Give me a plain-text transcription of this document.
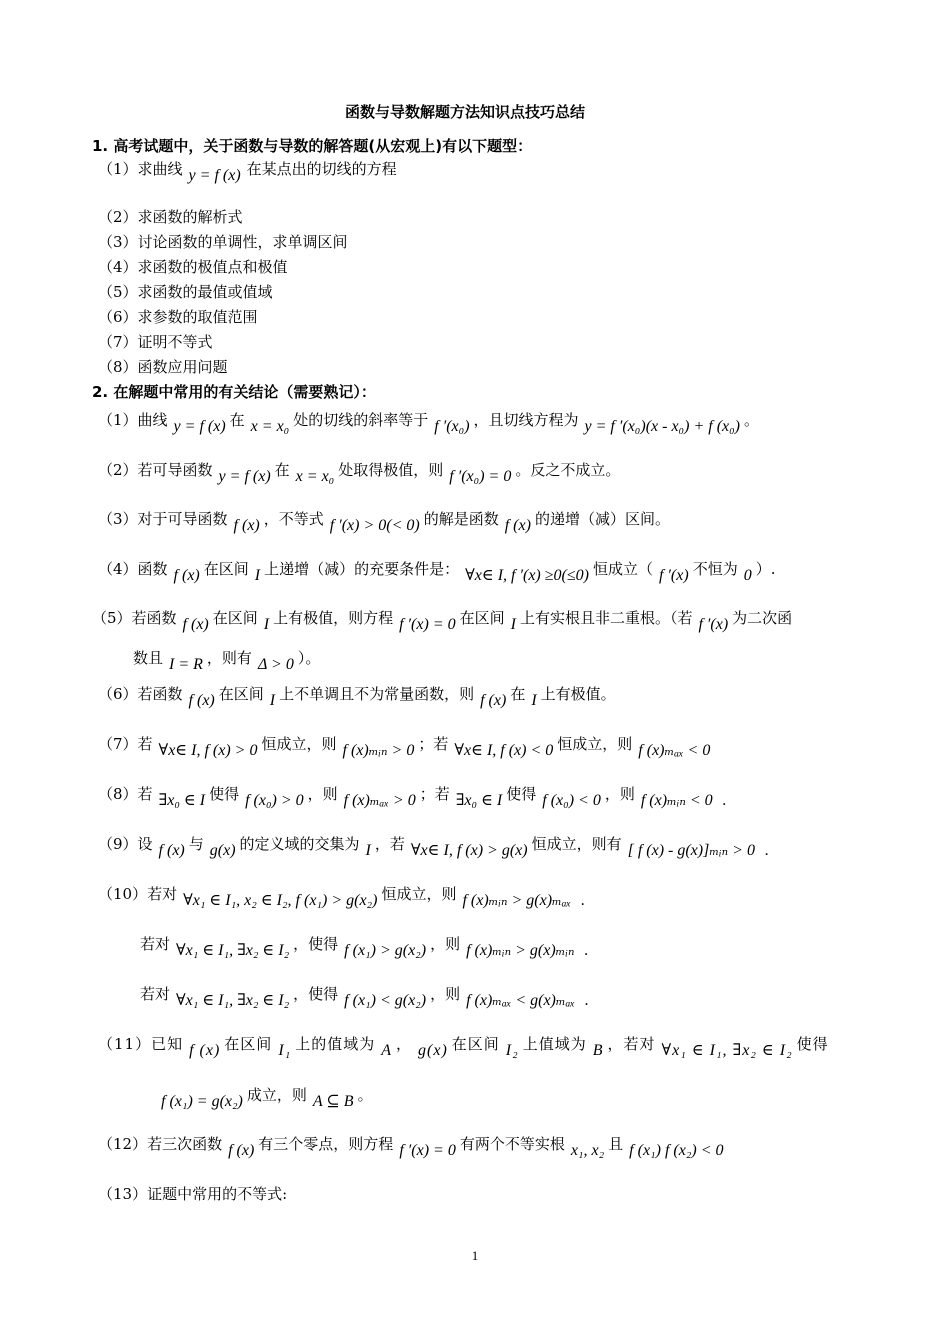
函数与导数解题方法知识点技巧总结
1. 高考试题中，关于函数与导数的解答题(从宏观上)有以下题型：
（1）求曲线 y = f (x) 在某点出的切线的方程
（2）求函数的解析式
（3）讨论函数的单调性，求单调区间
（4）求函数的极值点和极值
（5）求函数的最值或值域
（6）求参数的取值范围
（7）证明不等式
（8）函数应用问题
2. 在解题中常用的有关结论（需要熟记）：
（1）曲线 y = f (x) 在 x = x₀ 处的切线的斜率等于 f ′(x₀) ，且切线方程为 y = f ′(x₀)(x - x₀) + f (x₀) 。
（2）若可导函数 y = f (x) 在 x = x₀ 处取得极值，则 f ′(x₀) = 0 。反之不成立。
（3）对于可导函数 f (x) ，不等式 f ′(x) > 0(< 0) 的解是函数 f (x) 的递增（减）区间。
（4）函数 f (x) 在区间 I 上递增（减）的充要条件是： ∀x∈ I, f ′(x) ≥0(≤0) 恒成立（ f ′(x) 不恒为 0 ）.
（5）若函数 f (x) 在区间 I 上有极值，则方程 f ′(x) = 0 在区间 I 上有实根且非二重根。（若 f ′(x) 为二次函
数且 I = R ，则有 Δ > 0 ）。
（6）若函数 f (x) 在区间 I 上不单调且不为常量函数，则 f (x) 在 I 上有极值。
（7）若 ∀x∈ I, f (x) > 0 恒成立，则 f (x)ₘᵢₙ > 0 ；若 ∀x∈ I, f (x) < 0 恒成立，则 f (x)ₘₐₓ < 0
（8）若 ∃x₀ ∈ I 使得 f (x₀) > 0 ，则 f (x)ₘₐₓ > 0 ；若 ∃x₀ ∈ I 使得 f (x₀) < 0 ，则 f (x)ₘᵢₙ < 0 .
（9）设 f (x) 与 g(x) 的定义域的交集为 I ，若 ∀x∈ I, f (x) > g(x) 恒成立，则有 [ f (x) - g(x)]ₘᵢₙ > 0 .
（10）若对 ∀x₁ ∈ I₁, x₂ ∈ I₂, f (x₁) > g(x₂) 恒成立，则 f (x)ₘᵢₙ > g(x)ₘₐₓ .
若对 ∀x₁ ∈ I₁, ∃x₂ ∈ I₂ ，使得 f (x₁) > g(x₂) ，则 f (x)ₘᵢₙ > g(x)ₘᵢₙ .
若对 ∀x₁ ∈ I₁, ∃x₂ ∈ I₂ ，使得 f (x₁) < g(x₂) ，则 f (x)ₘₐₓ < g(x)ₘₐₓ .
（11）已知 f (x) 在区间 I₁ 上的值域为 A ， g(x) 在区间 I₂ 上值域为 B ，若对 ∀x₁ ∈ I₁, ∃x₂ ∈ I₂ 使得
f (x₁) = g(x₂) 成立，则 A ⊆ B 。
（12）若三次函数 f (x) 有三个零点，则方程 f ′(x) = 0 有两个不等实根 x₁, x₂ 且 f (x₁) f (x₂) < 0
（13）证题中常用的不等式:
1
